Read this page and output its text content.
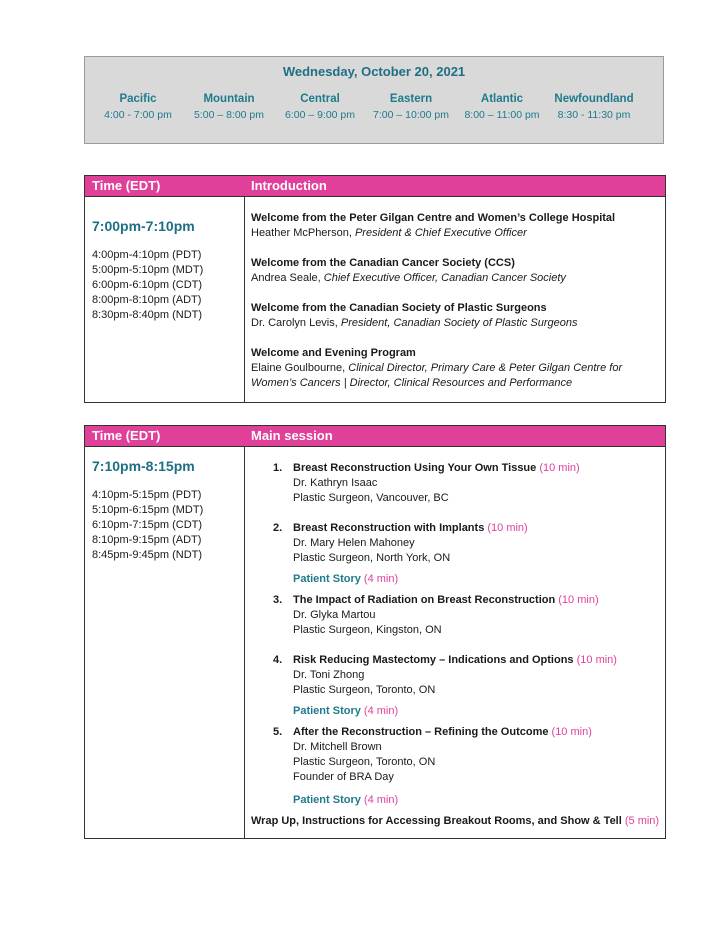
Wednesday, October 20, 2021
Pacific
4:00 - 7:00 pm
Mountain
5:00 – 8:00 pm
Central
6:00 – 9:00 pm
Eastern
7:00 – 10:00 pm
Atlantic
8:00 – 11:00 pm
Newfoundland
8:30 - 11:30 pm
Time (EDT)	Introduction
7:00pm-7:10pm
4:00pm-4:10pm (PDT)
5:00pm-5:10pm (MDT)
6:00pm-6:10pm (CDT)
8:00pm-8:10pm (ADT)
8:30pm-8:40pm (NDT)
Welcome from the Peter Gilgan Centre and Women’s College Hospital
Heather McPherson, President & Chief Executive Officer
Welcome from the Canadian Cancer Society (CCS)
Andrea Seale, Chief Executive Officer, Canadian Cancer Society
Welcome from the Canadian Society of Plastic Surgeons
Dr. Carolyn Levis, President, Canadian Society of Plastic Surgeons
Welcome and Evening Program
Elaine Goulbourne, Clinical Director, Primary Care & Peter Gilgan Centre for Women’s Cancers | Director, Clinical Resources and Performance
Time (EDT)	Main session
7:10pm-8:15pm
4:10pm-5:15pm (PDT)
5:10pm-6:15pm (MDT)
6:10pm-7:15pm (CDT)
8:10pm-9:15pm (ADT)
8:45pm-9:45pm (NDT)
1. Breast Reconstruction Using Your Own Tissue (10 min)
Dr. Kathryn Isaac
Plastic Surgeon, Vancouver, BC
2. Breast Reconstruction with Implants (10 min)
Dr. Mary Helen Mahoney
Plastic Surgeon, North York, ON
Patient Story (4 min)
3. The Impact of Radiation on Breast Reconstruction (10 min)
Dr. Glyka Martou
Plastic Surgeon, Kingston, ON
4. Risk Reducing Mastectomy – Indications and Options (10 min)
Dr. Toni Zhong
Plastic Surgeon, Toronto, ON
Patient Story (4 min)
5. After the Reconstruction – Refining the Outcome (10 min)
Dr. Mitchell Brown
Plastic Surgeon, Toronto, ON
Founder of BRA Day
Patient Story (4 min)
Wrap Up, Instructions for Accessing Breakout Rooms, and Show & Tell (5 min)
